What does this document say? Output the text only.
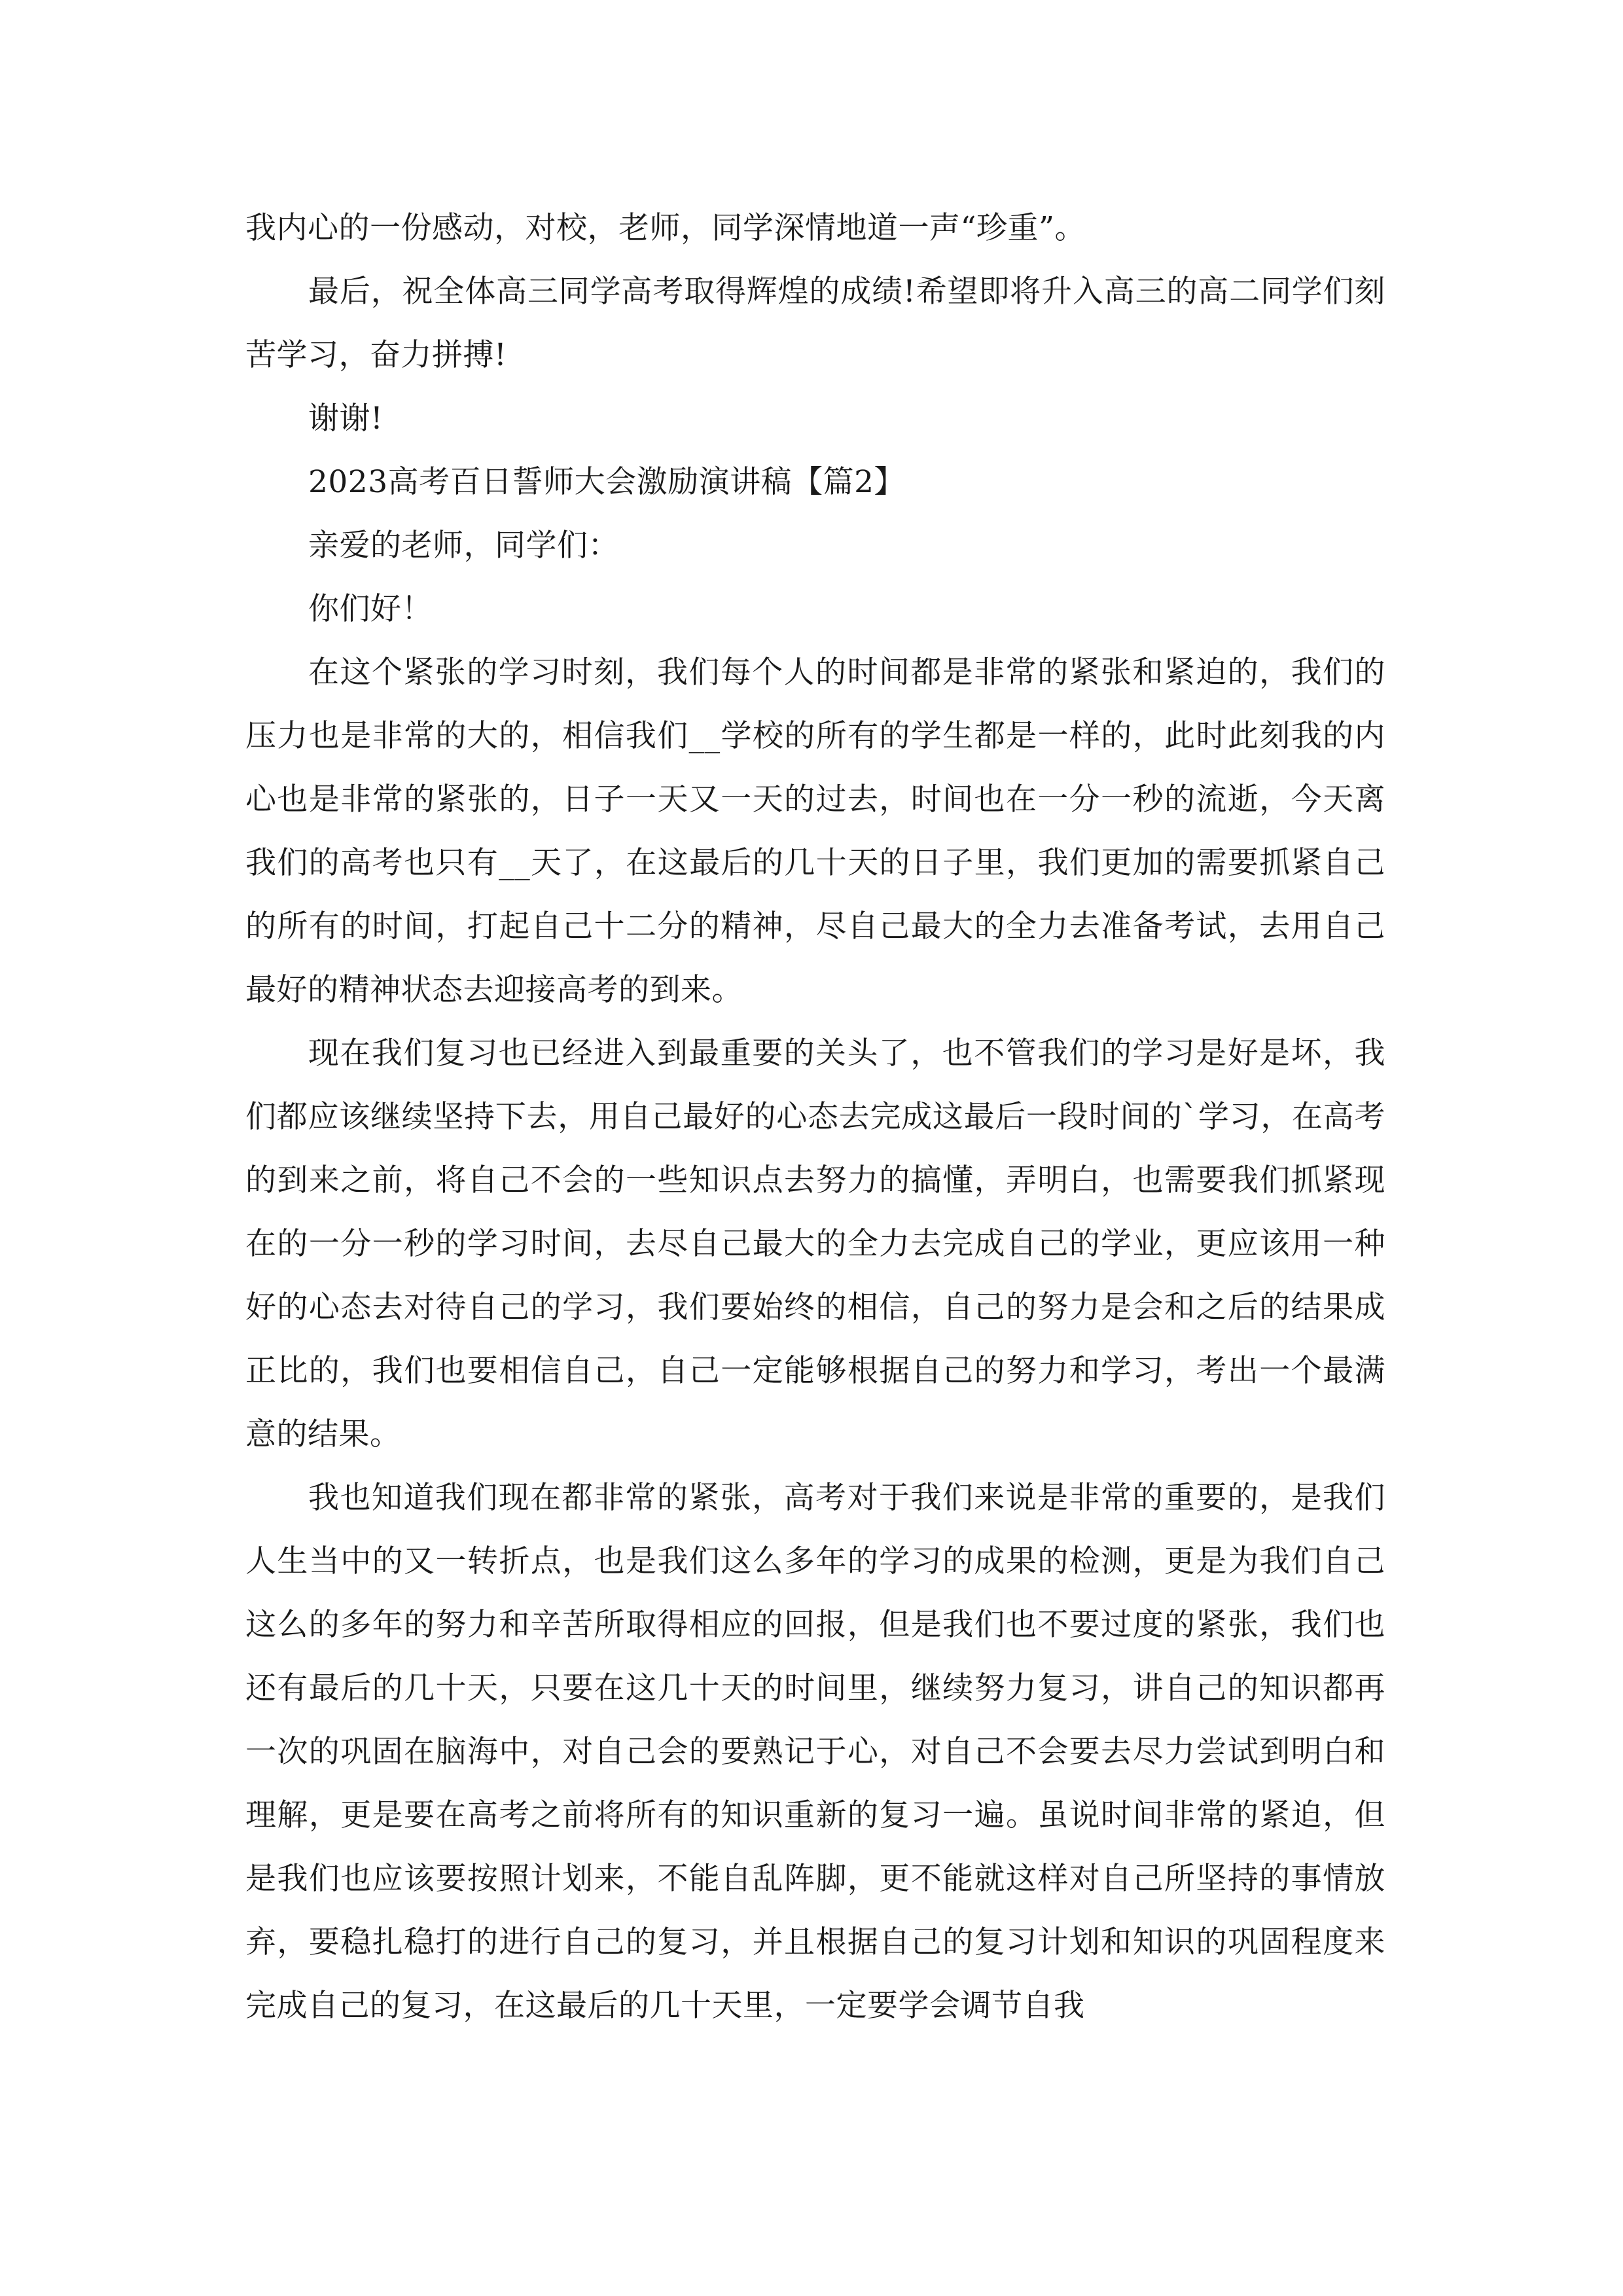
我内心的一份感动，对校，老师，同学深情地道一声“珍重”。

最后，祝全体高三同学高考取得辉煌的成绩!希望即将升入高三的高二同学们刻苦学习，奋力拼搏!

谢谢!

2023高考百日誓师大会激励演讲稿【篇2】

亲爱的老师，同学们：

你们好！

在这个紧张的学习时刻，我们每个人的时间都是非常的紧张和紧迫的，我们的压力也是非常的大的，相信我们__学校的所有的学生都是一样的，此时此刻我的内心也是非常的紧张的，日子一天又一天的过去，时间也在一分一秒的流逝，今天离我们的高考也只有__天了，在这最后的几十天的日子里，我们更加的需要抓紧自己的所有的时间，打起自己十二分的精神，尽自己最大的全力去准备考试，去用自己最好的精神状态去迎接高考的到来。

现在我们复习也已经进入到最重要的关头了，也不管我们的学习是好是坏，我们都应该继续坚持下去，用自己最好的心态去完成这最后一段时间的`学习，在高考的到来之前，将自己不会的一些知识点去努力的搞懂，弄明白，也需要我们抓紧现在的一分一秒的学习时间，去尽自己最大的全力去完成自己的学业，更应该用一种好的心态去对待自己的学习，我们要始终的相信，自己的努力是会和之后的结果成正比的，我们也要相信自己，自己一定能够根据自己的努力和学习，考出一个最满意的结果。

我也知道我们现在都非常的紧张，高考对于我们来说是非常的重要的，是我们人生当中的又一转折点，也是我们这么多年的学习的成果的检测，更是为我们自己这么的多年的努力和辛苦所取得相应的回报，但是我们也不要过度的紧张，我们也还有最后的几十天，只要在这几十天的时间里，继续努力复习，讲自己的知识都再一次的巩固在脑海中，对自己会的要熟记于心，对自己不会要去尽力尝试到明白和理解，更是要在高考之前将所有的知识重新的复习一遍。虽说时间非常的紧迫，但是我们也应该要按照计划来，不能自乱阵脚，更不能就这样对自己所坚持的事情放弃，要稳扎稳打的进行自己的复习，并且根据自己的复习计划和知识的巩固程度来完成自己的复习，在这最后的几十天里，一定要学会调节自我
